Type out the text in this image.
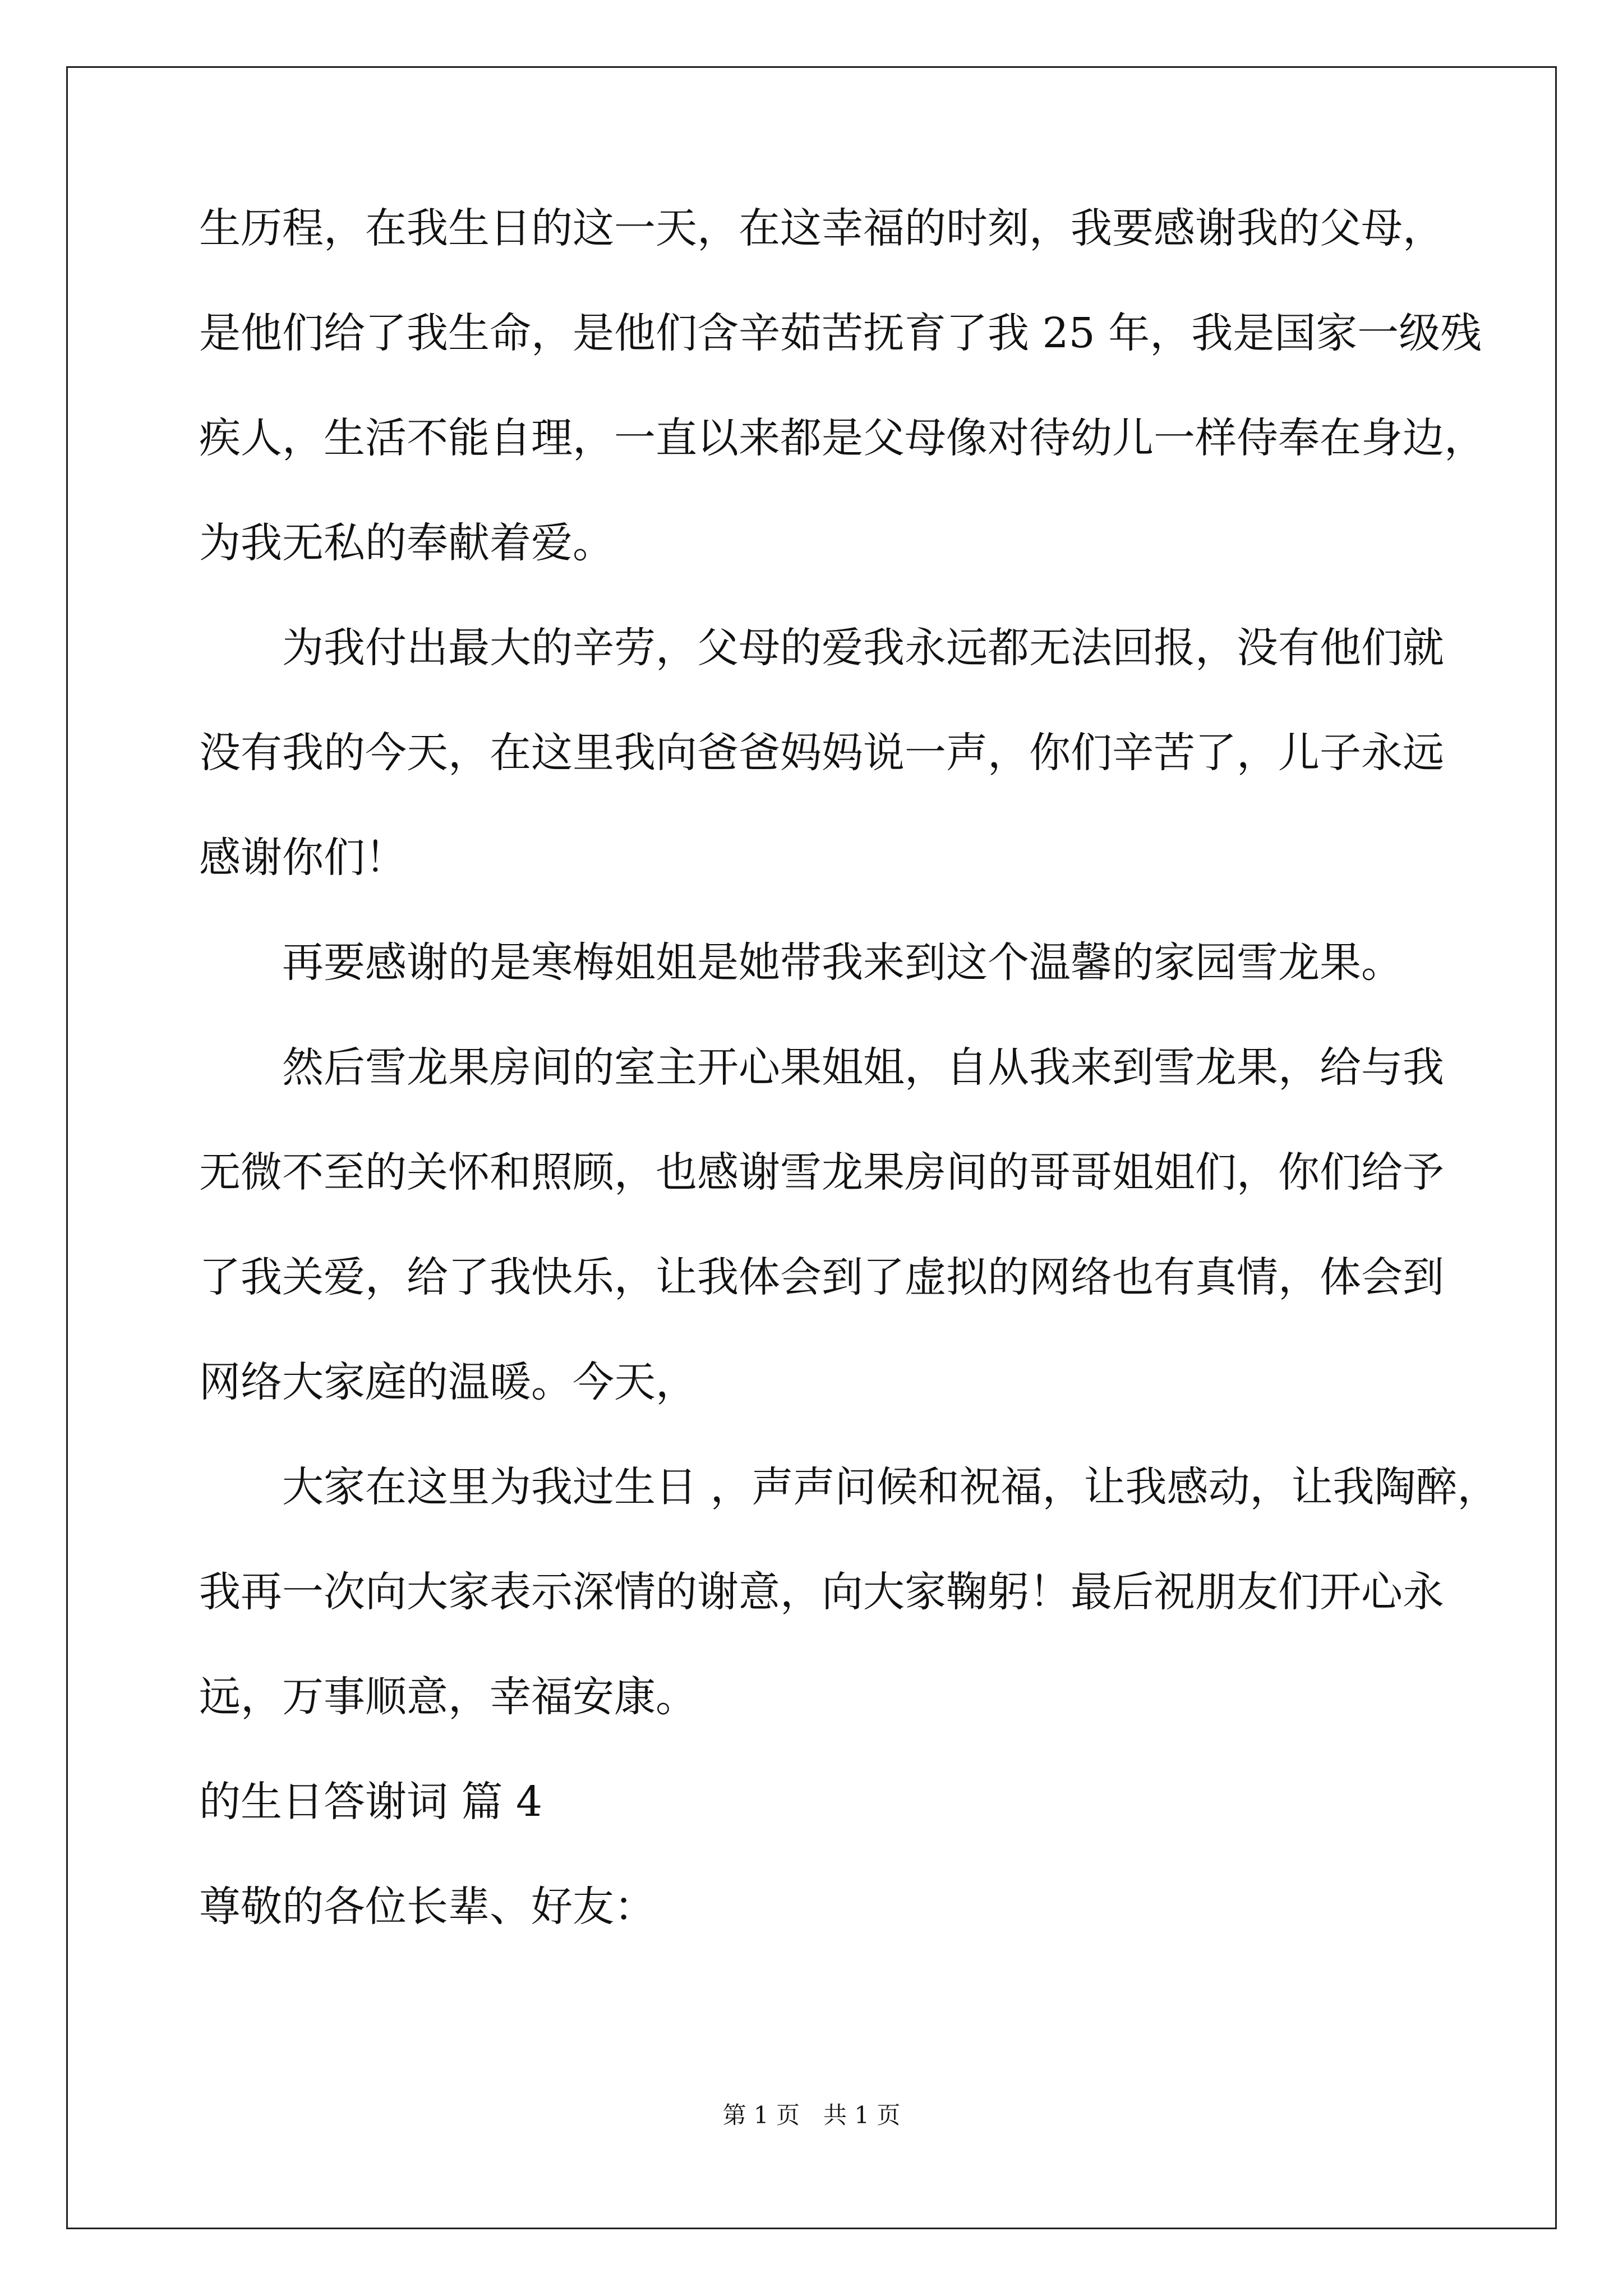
生历程，在我生日的这一天，在这幸福的时刻，我要感谢我的父母，
是他们给了我生命，是他们含辛茹苦抚育了我 25 年，我是国家一级残
疾人，生活不能自理，一直以来都是父母像对待幼儿一样侍奉在身边，
为我无私的奉献着爱。
为我付出最大的辛劳，父母的爱我永远都无法回报，没有他们就
没有我的今天，在这里我向爸爸妈妈说一声，你们辛苦了，儿子永远
感谢你们！
再要感谢的是寒梅姐姐是她带我来到这个温馨的家园雪龙果。
然后雪龙果房间的室主开心果姐姐，自从我来到雪龙果，给与我
无微不至的关怀和照顾，也感谢雪龙果房间的哥哥姐姐们，你们给予
了我关爱，给了我快乐，让我体会到了虚拟的网络也有真情，体会到
网络大家庭的温暖。今天，
大家在这里为我过生日 ，声声问候和祝福，让我感动，让我陶醉，
我再一次向大家表示深情的谢意，向大家鞠躬！最后祝朋友们开心永
远，万事顺意，幸福安康。
的生日答谢词 篇 4
尊敬的各位长辈、好友：
第 1 页　共 1 页
